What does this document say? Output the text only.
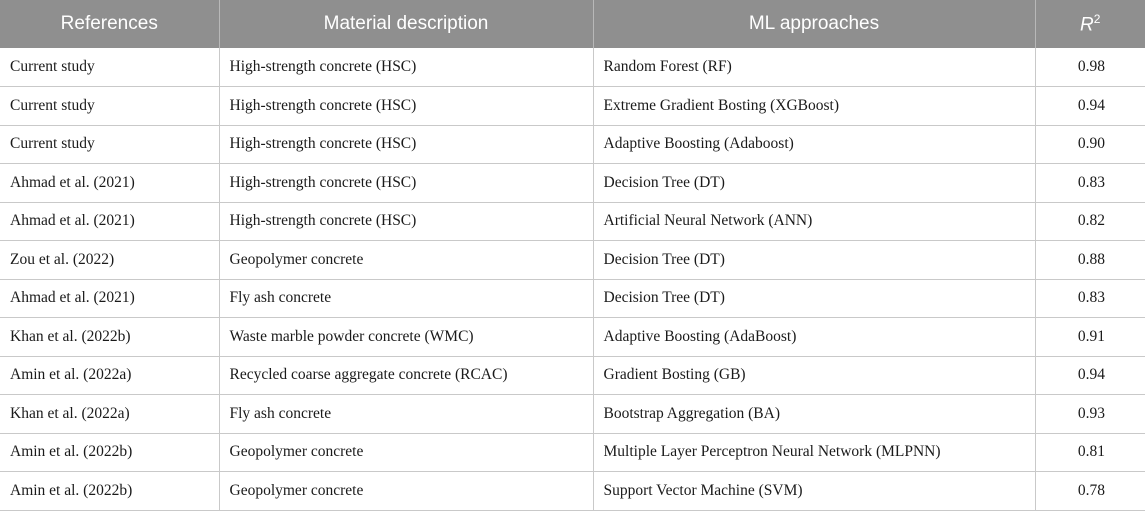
References	Material description	ML approaches	$R^2$
Current study	High-strength concrete (HSC)	Random Forest (RF)	0.98
Current study	High-strength concrete (HSC)	Extreme Gradient Bosting (XGBoost)	0.94
Current study	High-strength concrete (HSC)	Adaptive Boosting (Adaboost)	0.90
Ahmad et al. (2021)	High-strength concrete (HSC)	Decision Tree (DT)	0.83
Ahmad et al. (2021)	High-strength concrete (HSC)	Artificial Neural Network (ANN)	0.82
Zou et al. (2022)	Geopolymer concrete	Decision Tree (DT)	0.88
Ahmad et al. (2021)	Fly ash concrete	Decision Tree (DT)	0.83
Khan et al. (2022b)	Waste marble powder concrete (WMC)	Adaptive Boosting (AdaBoost)	0.91
Amin et al. (2022a)	Recycled coarse aggregate concrete (RCAC)	Gradient Bosting (GB)	0.94
Khan et al. (2022a)	Fly ash concrete	Bootstrap Aggregation (BA)	0.93
Amin et al. (2022b)	Geopolymer concrete	Multiple Layer Perceptron Neural Network (MLPNN)	0.81
Amin et al. (2022b)	Geopolymer concrete	Support Vector Machine (SVM)	0.78
